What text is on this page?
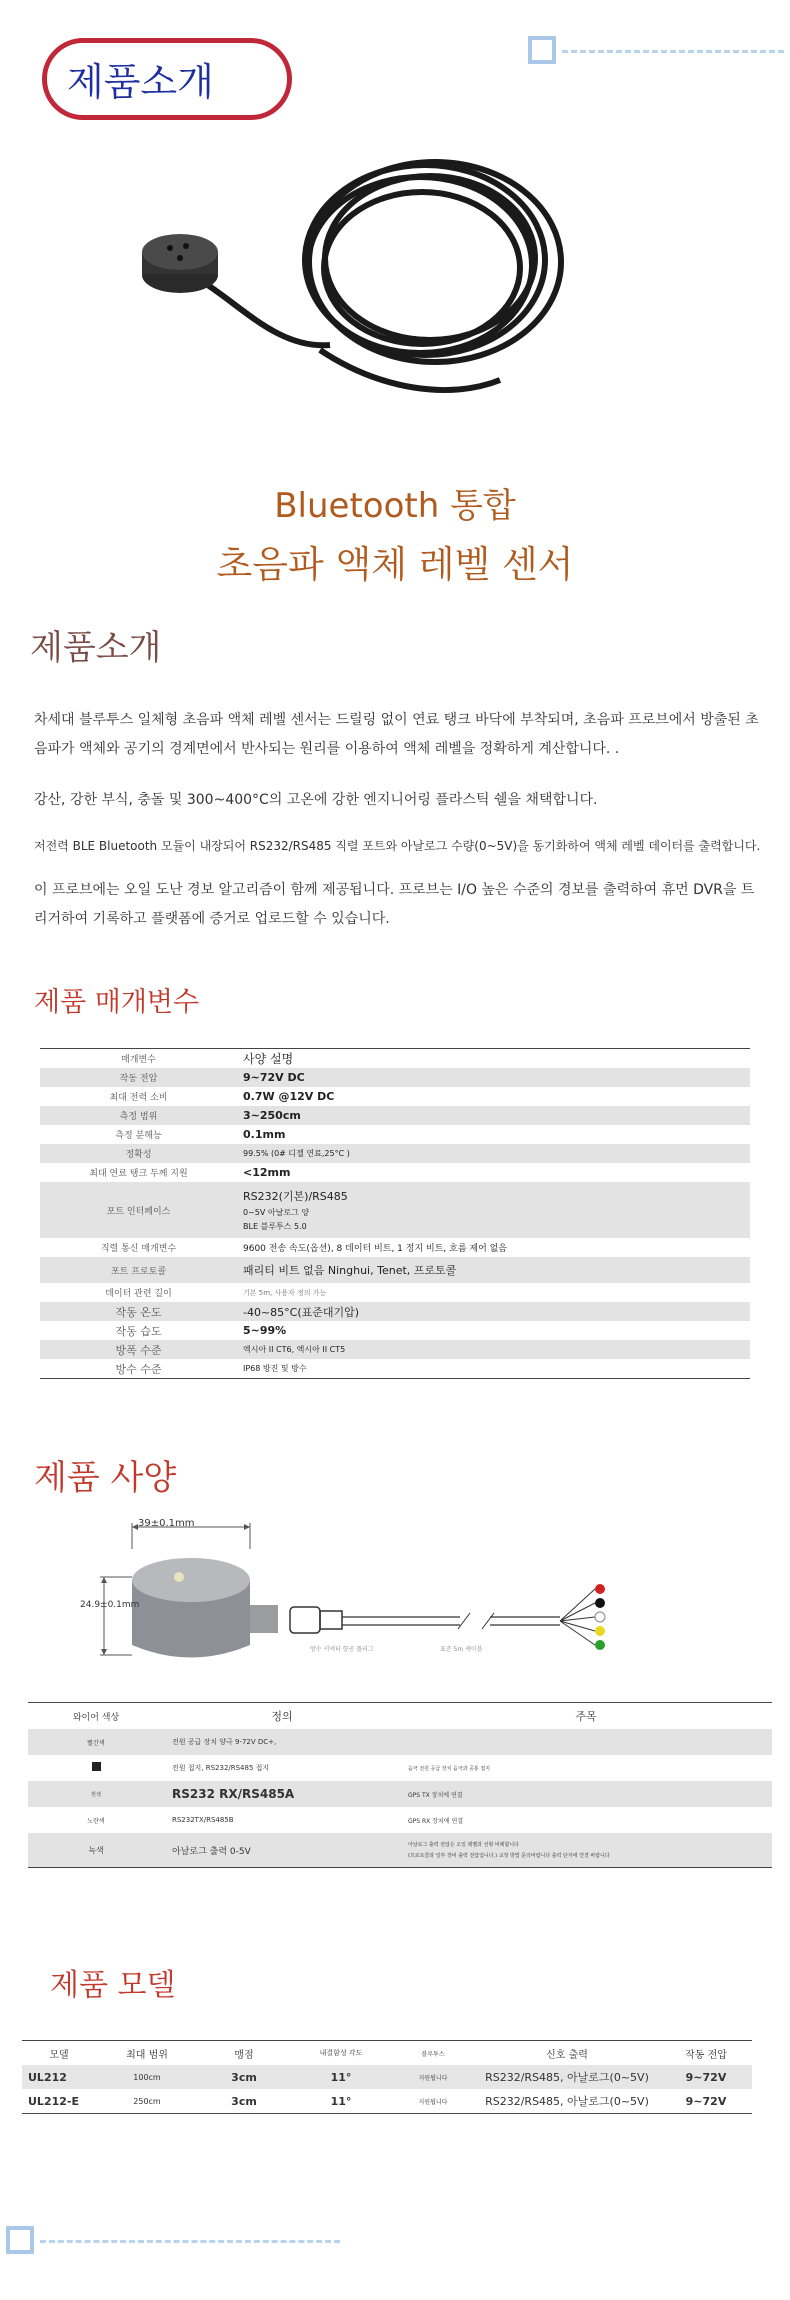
제품소개
Bluetooth 통합
초음파 액체 레벨 센서
제품소개
차세대 블루투스 일체형 초음파 액체 레벨 센서는 드릴링 없이 연료 탱크 바닥에 부착되며, 초음파 프로브에서 방출된 초음파가 액체와 공기의 경계면에서 반사되는 원리를 이용하여 액체 레벨을 정확하게 계산합니다. .
강산, 강한 부식, 충돌 및 300~400°C의 고온에 강한 엔지니어링 플라스틱 쉘을 채택합니다.
저전력 BLE Bluetooth 모듈이 내장되어 RS232/RS485 직렬 포트와 아날로그 수량(0~5V)을 동기화하여 액체 레벨 데이터를 출력합니다.
이 프로브에는 오일 도난 경보 알고리즘이 함께 제공됩니다. 프로브는 I/O 높은 수준의 경보를 출력하여 휴먼 DVR을 트리거하여 기록하고 플랫폼에 증거로 업로드할 수 있습니다.
제품 매개변수
매개변수	사양 설명
작동 전압	9~72V DC
최대 전력 소비	0.7W @12V DC
측정 범위	3~250cm
측정 분해능	0.1mm
정확성	99.5% (0# 디젤 연료,25°C )
최대 연료 탱크 두께 지원	<12mm
포트 인터페이스	RS232(기본)/RS485
0~5V 아날로그 양
BLE 블루투스 5.0

직렬 통신 매개변수	9600 전송 속도(옵션), 8 데이터 비트, 1 정지 비트, 흐름 제어 없음
포트 프로토콜	패리티 비트 없음 Ninghui, Tenet, 프로토콜
데이터 관련 길이	기본 5m, 사용자 정의 가능
작동 온도	-40~85°C(표준대기압)
작동 습도	5~99%
방폭 수준	엑시아 II CT6, 엑시아 II CT5
방수 수준	IP68 방진 및 방수
제품 사양
39±0.1mm
24.9±0.1mm
방수 커넥터 항공 플러그	표준 5m 케이블
와이어 색상	정의	주목
빨간색	전원 공급 장치 양극 9-72V DC+,	
	전원 접지, RS232/RS485 접지	음극 전원 공급 장치 음극과 공통 접지
흰색	RS232 RX/RS485A	GPS TX 장치에 연결
노란색	RS232TX/RS485B	GPS RX 장치에 연결
녹색	아날로그 출력 0-5V	아날로그 출력 전압은 오일 레벨과 선형 비례합니다
(프로토콜과 일부 장비 출력 전압입니다.) 교정 방법 문의바랍니다 출력 단자에 연결 바랍니다
제품 모델
모델	최대 범위	맹점	내결함성 각도	블루투스	신호 출력	작동 전압
UL212	100cm	3cm	11°	지원됩니다	RS232/RS485, 아날로그(0~5V)	9~72V
UL212-E	250cm	3cm	11°	지원됩니다	RS232/RS485, 아날로그(0~5V)	9~72V
